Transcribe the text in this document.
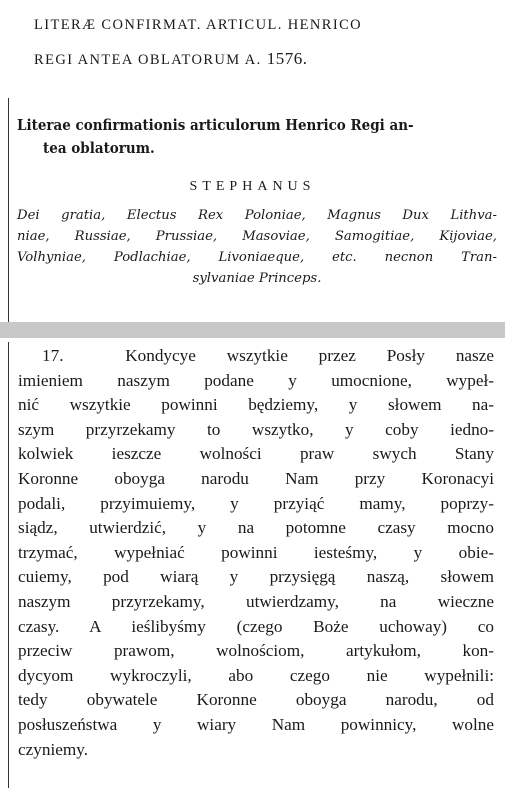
LITERÆ CONFIRMAT. ARTICUL. HENRICO
REGI ANTEA OBLATORUM A. 1576.
Literae confirmationis articulorum Henrico Regi an-
tea oblatorum.

STEPHANUS

Dei gratia, Electus Rex Poloniae, Magnus Dux Lithva-
niae, Russiae, Prussiae, Masoviae, Samogitiae, Kijoviae,
Volhyniae, Podlachiae, Livoniaeque, etc. necnon Tran-
sylvaniae Princeps.

17.	Kondycye wszytkie przez Posły nasze
imieniem naszym podane y umocnione, wypeł-
nić wszytkie powinni będziemy, y słowem na-
szym przyrzekamy to wszytko, y coby iedno-
kolwiek ieszcze wolności praw swych Stany
Koronne oboyga narodu Nam przy Koronacyi
podali, przyimuiemy, y przyiąć mamy, poprzy-
siądz, utwierdzić, y na potomne czasy mocno
trzymać, wypełniać powinni iesteśmy, y obie-
cuiemy, pod wiarą y przysięgą naszą, słowem
naszym przyrzekamy, utwierdzamy, na wieczne
czasy. A ieślibyśmy (czego Boże uchoway) co
przeciw prawom, wolnościom, artykułom, kon-
dycyom wykroczyli, abo czego nie wypełnili:
tedy obywatele Koronne oboyga narodu, od
posłuszeństwa y wiary Nam powinnicy, wolne
czyniemy.
